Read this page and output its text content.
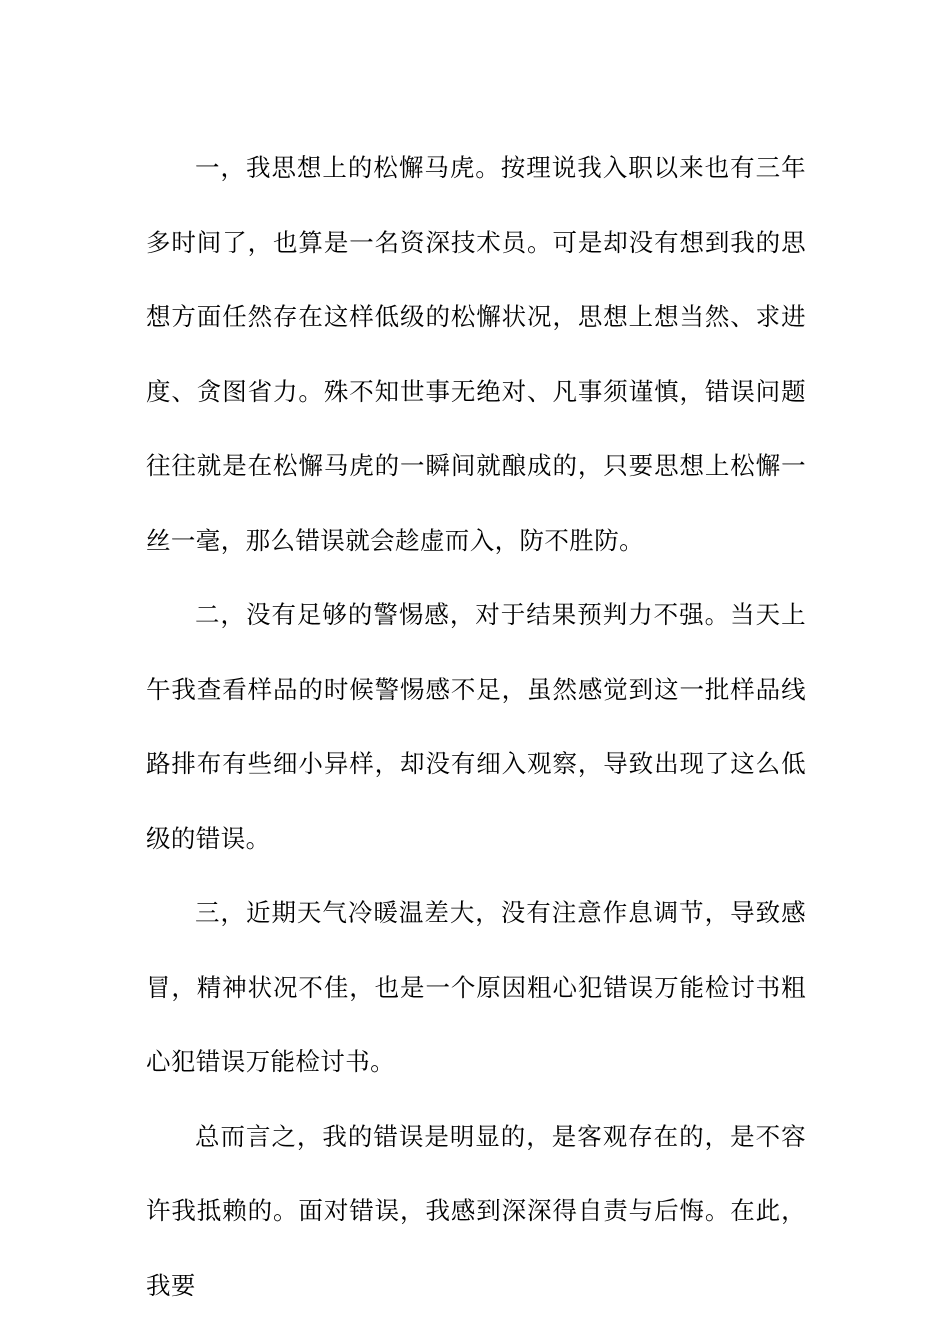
一，我思想上的松懈马虎。按理说我入职以来也有三年多时间了，也算是一名资深技术员。可是却没有想到我的思想方面任然存在这样低级的松懈状况，思想上想当然、求进度、贪图省力。殊不知世事无绝对、凡事须谨慎，错误问题往往就是在松懈马虎的一瞬间就酿成的，只要思想上松懈一丝一毫，那么错误就会趁虚而入，防不胜防。

二，没有足够的警惕感，对于结果预判力不强。当天上午我查看样品的时候警惕感不足，虽然感觉到这一批样品线路排布有些细小异样，却没有细入观察，导致出现了这么低级的错误。

三，近期天气冷暖温差大，没有注意作息调节，导致感冒，精神状况不佳，也是一个原因粗心犯错误万能检讨书粗心犯错误万能检讨书。

总而言之，我的错误是明显的，是客观存在的，是不容许我抵赖的。面对错误，我感到深深得自责与后悔。在此，我要
